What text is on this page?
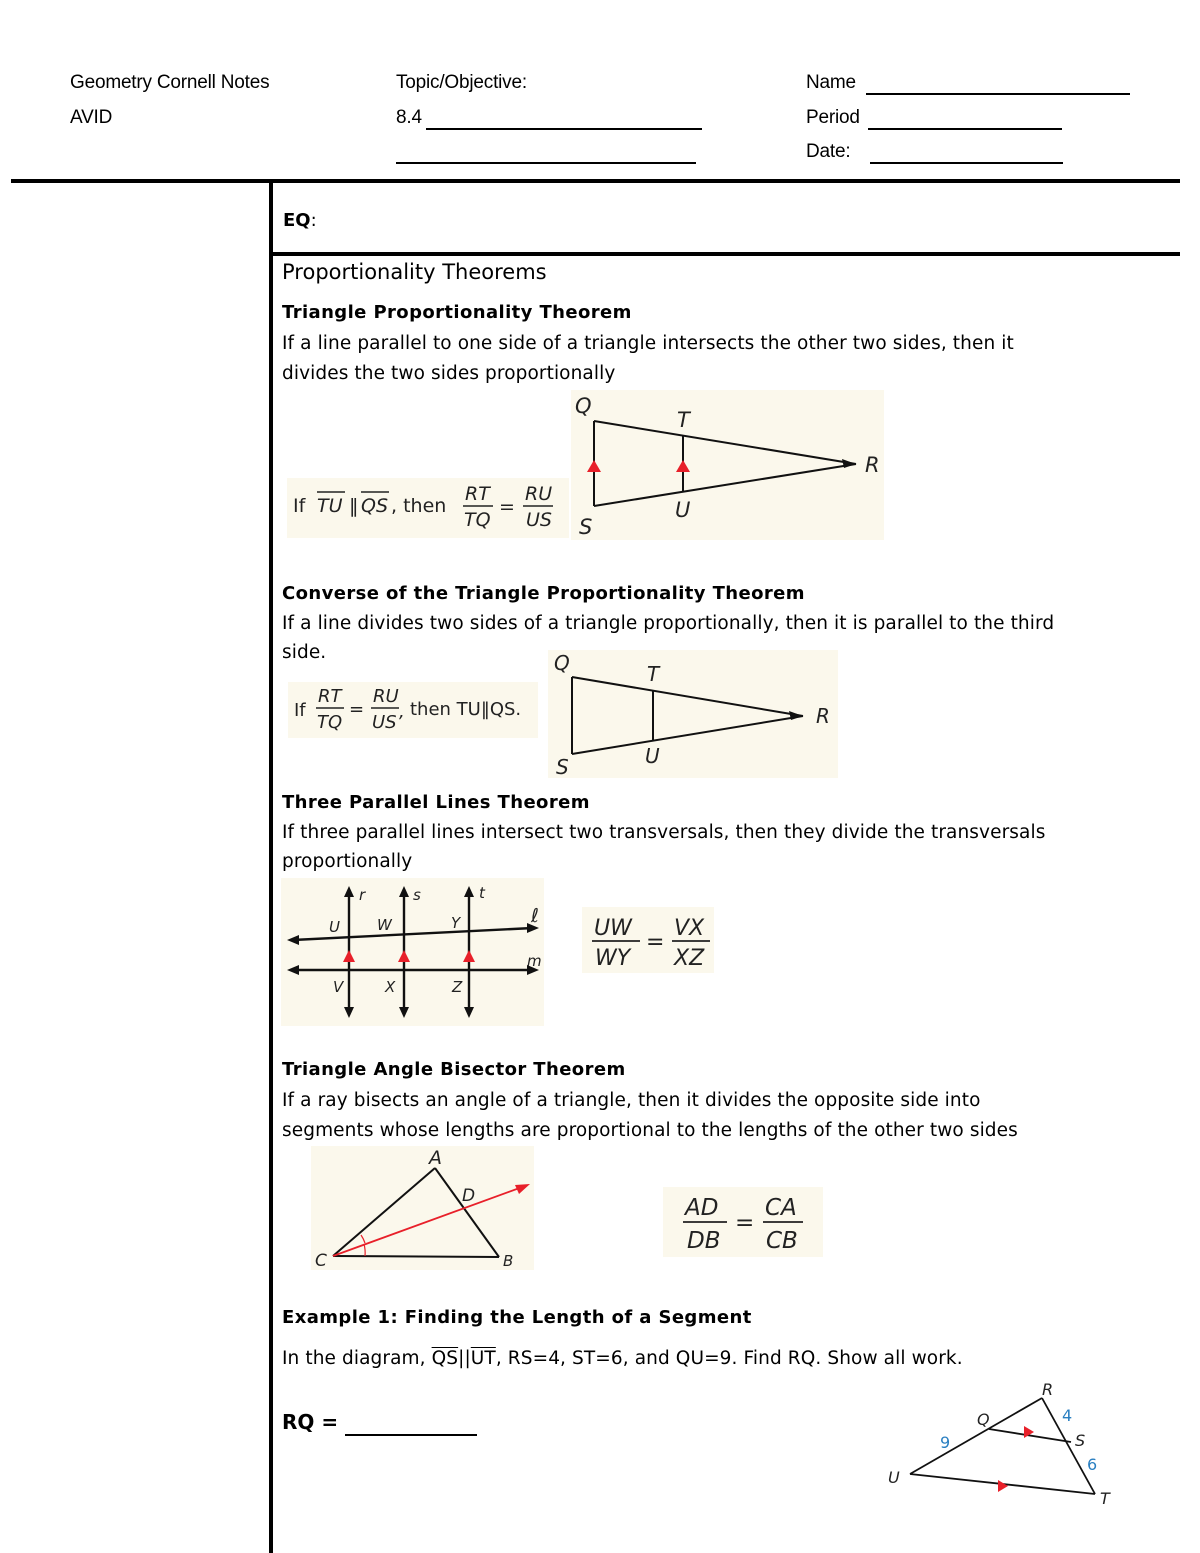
Geometry Cornell Notes
AVID
Topic/Objective:
8.4
Name
Period
Date:
EQ:
Proportionality Theorems
Triangle Proportionality Theorem
If a line parallel to one side of a triangle intersects the other two sides, then it
divides the two sides proportionally
If TU ‖ QS , then
RT
TQ
=
RU
US
Q
T
R
S
U
Converse of the Triangle Proportionality Theorem
If a line divides two sides of a triangle proportionally, then it is parallel to the third
side.
If
RT
TQ
=
RU
US’
then TU‖QS.
Q	T
R
S	U
Three Parallel Lines Theorem
If three parallel lines intersect two transversals, then they divide the transversals
proportionally
r	s	t
ℓ
m
U W	Y
V	X	Z
UW
WY
=
VX
XZ
Triangle Angle Bisector Theorem
If a ray bisects an angle of a triangle, then it divides the opposite side into
segments whose lengths are proportional to the lengths of the other two sides
A
D
C	B
AD
DB
=
CA
CB
Example 1: Finding the Length of a Segment
In the diagram, $\overline{QS}||\overline{UT}$, RS=4, ST=6, and QU=9. Find RQ. Show all work.
RQ =
R
Q
S
U
T
9
4
6
